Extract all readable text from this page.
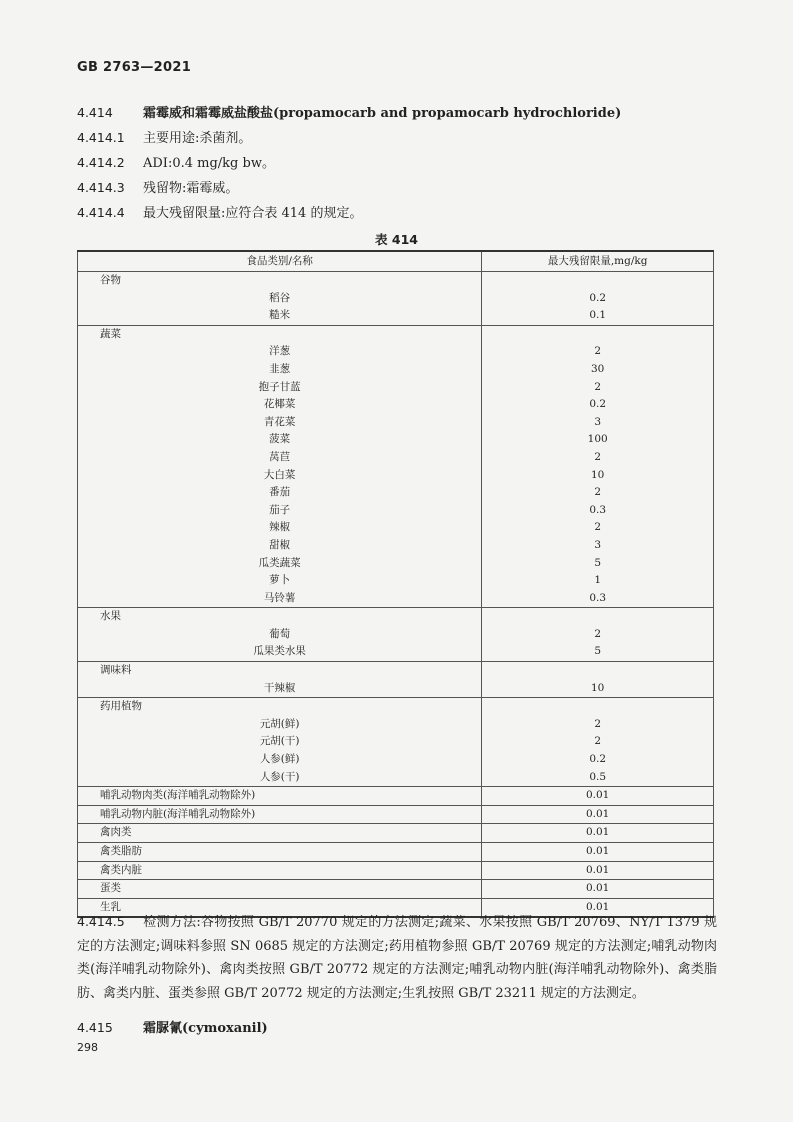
GB 2763—2021
4.414 霜霉威和霜霉威盐酸盐(propamocarb and propamocarb hydrochloride)
4.414.1 主要用途:杀菌剂。
4.414.2 ADI:0.4 mg/kg bw。
4.414.3 残留物:霜霉威。
4.414.4 最大残留限量:应符合表 414 的规定。
表 414
食品类别/名称	最大残留限量,mg/kg
谷物	
稻谷	0.2
糙米	0.1
蔬菜	
洋葱	2
韭葱	30
抱子甘蓝	2
花椰菜	0.2
青花菜	3
菠菜	100
莴苣	2
大白菜	10
番茄	2
茄子	0.3
辣椒	2
甜椒	3
瓜类蔬菜	5
萝卜	1
马铃薯	0.3
水果	
葡萄	2
瓜果类水果	5
调味料	
干辣椒	10
药用植物	
元胡(鲜)	2
元胡(干)	2
人参(鲜)	0.2
人参(干)	0.5
哺乳动物肉类(海洋哺乳动物除外)	0.01
哺乳动物内脏(海洋哺乳动物除外)	0.01
禽肉类	0.01
禽类脂肪	0.01
禽类内脏	0.01
蛋类	0.01
生乳	0.01
4.414.5 检测方法:谷物按照 GB/T 20770 规定的方法测定;蔬菜、水果按照 GB/T 20769、NY/T 1379 规定的方法测定;调味料参照 SN 0685 规定的方法测定;药用植物参照 GB/T 20769 规定的方法测定;哺乳动物肉类(海洋哺乳动物除外)、禽肉类按照 GB/T 20772 规定的方法测定;哺乳动物内脏(海洋哺乳动物除外)、禽类脂肪、禽类内脏、蛋类参照 GB/T 20772 规定的方法测定;生乳按照 GB/T 23211 规定的方法测定。
4.415 霜脲氰(cymoxanil)
298
